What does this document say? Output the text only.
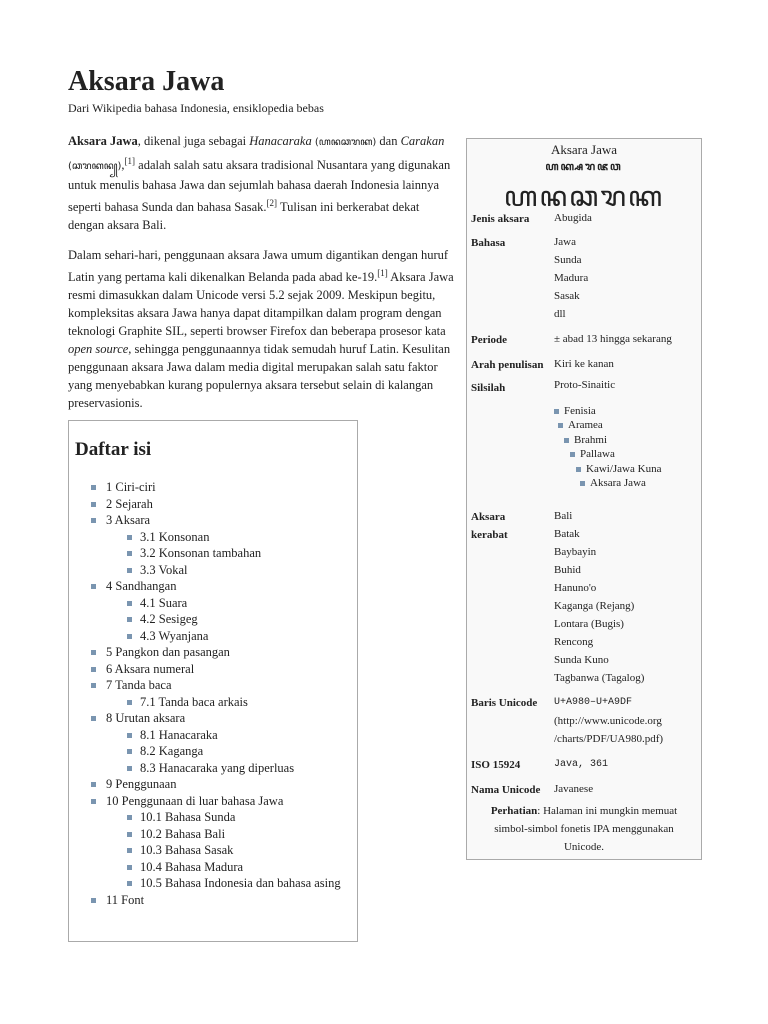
Aksara Jawa
Dari Wikipedia bahasa Indonesia, ensiklopedia bebas

Aksara Jawa, dikenal juga sebagai Hanacaraka (ꦲꦤꦕꦫꦏ) dan Carakan (ꦕꦫꦏꦤ꧀),[1] adalah salah satu aksara tradisional Nusantara yang digunakan untuk menulis bahasa Jawa dan sejumlah bahasa daerah Indonesia lainnya seperti bahasa Sunda dan bahasa Sasak.[2] Tulisan ini berkerabat dekat dengan aksara Bali.

Dalam sehari-hari, penggunaan aksara Jawa umum digantikan dengan huruf Latin yang pertama kali dikenalkan Belanda pada abad ke-19.[1] Aksara Jawa resmi dimasukkan dalam Unicode versi 5.2 sejak 2009. Meskipun begitu, kompleksitas aksara Jawa hanya dapat ditampilkan dalam program dengan teknologi Graphite SIL, seperti browser Firefox dan beberapa prosesor kata open source, sehingga penggunaannya tidak semudah huruf Latin. Kesulitan penggunaan aksara Jawa dalam media digital merupakan salah satu faktor yang menyebabkan kurang populernya aksara tersebut selain di kalangan preservasionis.

Daftar isi
1 Ciri-ciri
2 Sejarah
3 Aksara
3.1 Konsonan
3.2 Konsonan tambahan
3.3 Vokal
4 Sandhangan
4.1 Suara
4.2 Sesigeg
4.3 Wyanjana
5 Pangkon dan pasangan
6 Aksara numeral
7 Tanda baca
7.1 Tanda baca arkais
8 Urutan aksara
8.1 Hanacaraka
8.2 Kaganga
8.3 Hanacaraka yang diperluas
9 Penggunaan
10 Penggunaan di luar bahasa Jawa
10.1 Bahasa Sunda
10.2 Bahasa Bali
10.3 Bahasa Sasak
10.4 Bahasa Madura
10.5 Bahasa Indonesia dan bahasa asing
11 Font
Aksara Jawa
ꦲꦏ꧀ꦱꦫꦗꦮ
ꦲꦤꦕꦫꦏ
Jenis aksara Abugida
Bahasa	Jawa
Sunda
Madura
Sasak
dll
Periode	± abad 13 hingga sekarang
Arah penulisan Kiri ke kanan
Silsilah	Proto-Sinaitic
Fenisia
Aramea
Brahmi
Pallawa
Kawi/Jawa Kuna
Aksara Jawa
Aksara
kerabat
Bali
Batak
Baybayin
Buhid
Hanuno'o
Kaganga (Rejang)
Lontara (Bugis)
Rencong
Sunda Kuno
Tagbanwa (Tagalog)
Baris Unicode U+A980–U+A9DF
(http://www.unicode.org
/charts/PDF/UA980.pdf)
ISO 15924	Java, 361
Nama Unicode Javanese
Perhatian: Halaman ini mungkin memuat simbol-simbol fonetis IPA menggunakan Unicode.
